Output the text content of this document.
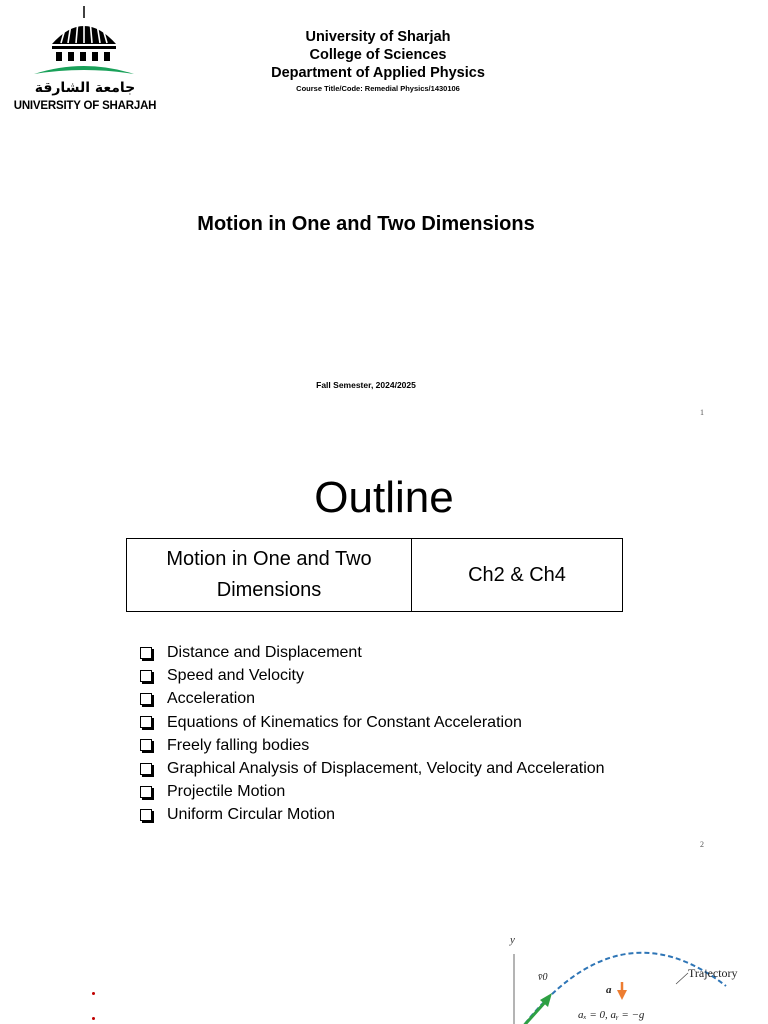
جامعة الشارقة
UNIVERSITY OF SHARJAH
University of Sharjah
College of Sciences
Department of Applied Physics
Course Title/Code: Remedial Physics/1430106
Motion in One and Two Dimensions
Fall Semester, 2024/2025
1
Outline
Motion in One and Two Dimensions	Ch2 & Ch4
Distance and Displacement
Speed and Velocity
Acceleration
Equations of Kinematics for Constant Acceleration
Freely falling bodies
Graphical Analysis of Displacement, Velocity and Acceleration
Projectile Motion
Uniform Circular Motion
2
y
v̄0
a
Trajectory
aₓ = 0, aᵧ = −g
